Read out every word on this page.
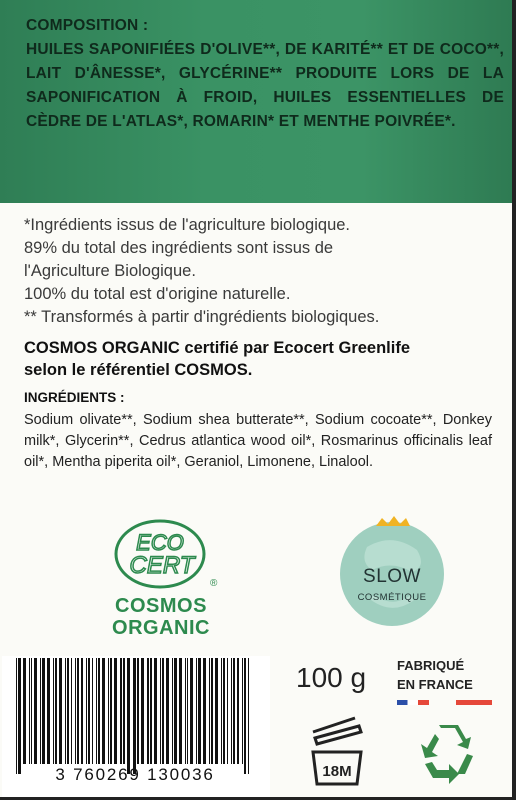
COMPOSITION :
HUILES SAPONIFIÉES D'OLIVE**, DE KARITÉ** ET DE COCO**, LAIT D'ÂNESSE*, GLYCÉRINE** PRODUITE LORS DE LA SAPONIFICATION À FROID, HUILES ESSENTIELLES DE CÈDRE DE L'ATLAS*, ROMARIN* ET MENTHE POIVRÉE*.
*Ingrédients issus de l'agriculture biologique.
89% du total des ingrédients sont issus de
l'Agriculture Biologique.
100% du total est d'origine naturelle.
** Transformés à partir d'ingrédients biologiques.
COSMOS ORGANIC certifié par Ecocert Greenlife
selon le référentiel COSMOS.
INGRÉDIENTS :
Sodium olivate**, Sodium shea butterate**, Sodium cocoate**, Donkey milk*, Glycerin**, Cedrus atlantica wood oil*, Rosmarinus officinalis leaf oil*, Mentha piperita oil*, Geraniol, Limonene, Linalool.
ECO
CERT
®
COSMOS
ORGANIC
SLOW
COSMÉTIQUE
3 760269 130036
100 g FABRIQUÉ
EN FRANCE
18M
